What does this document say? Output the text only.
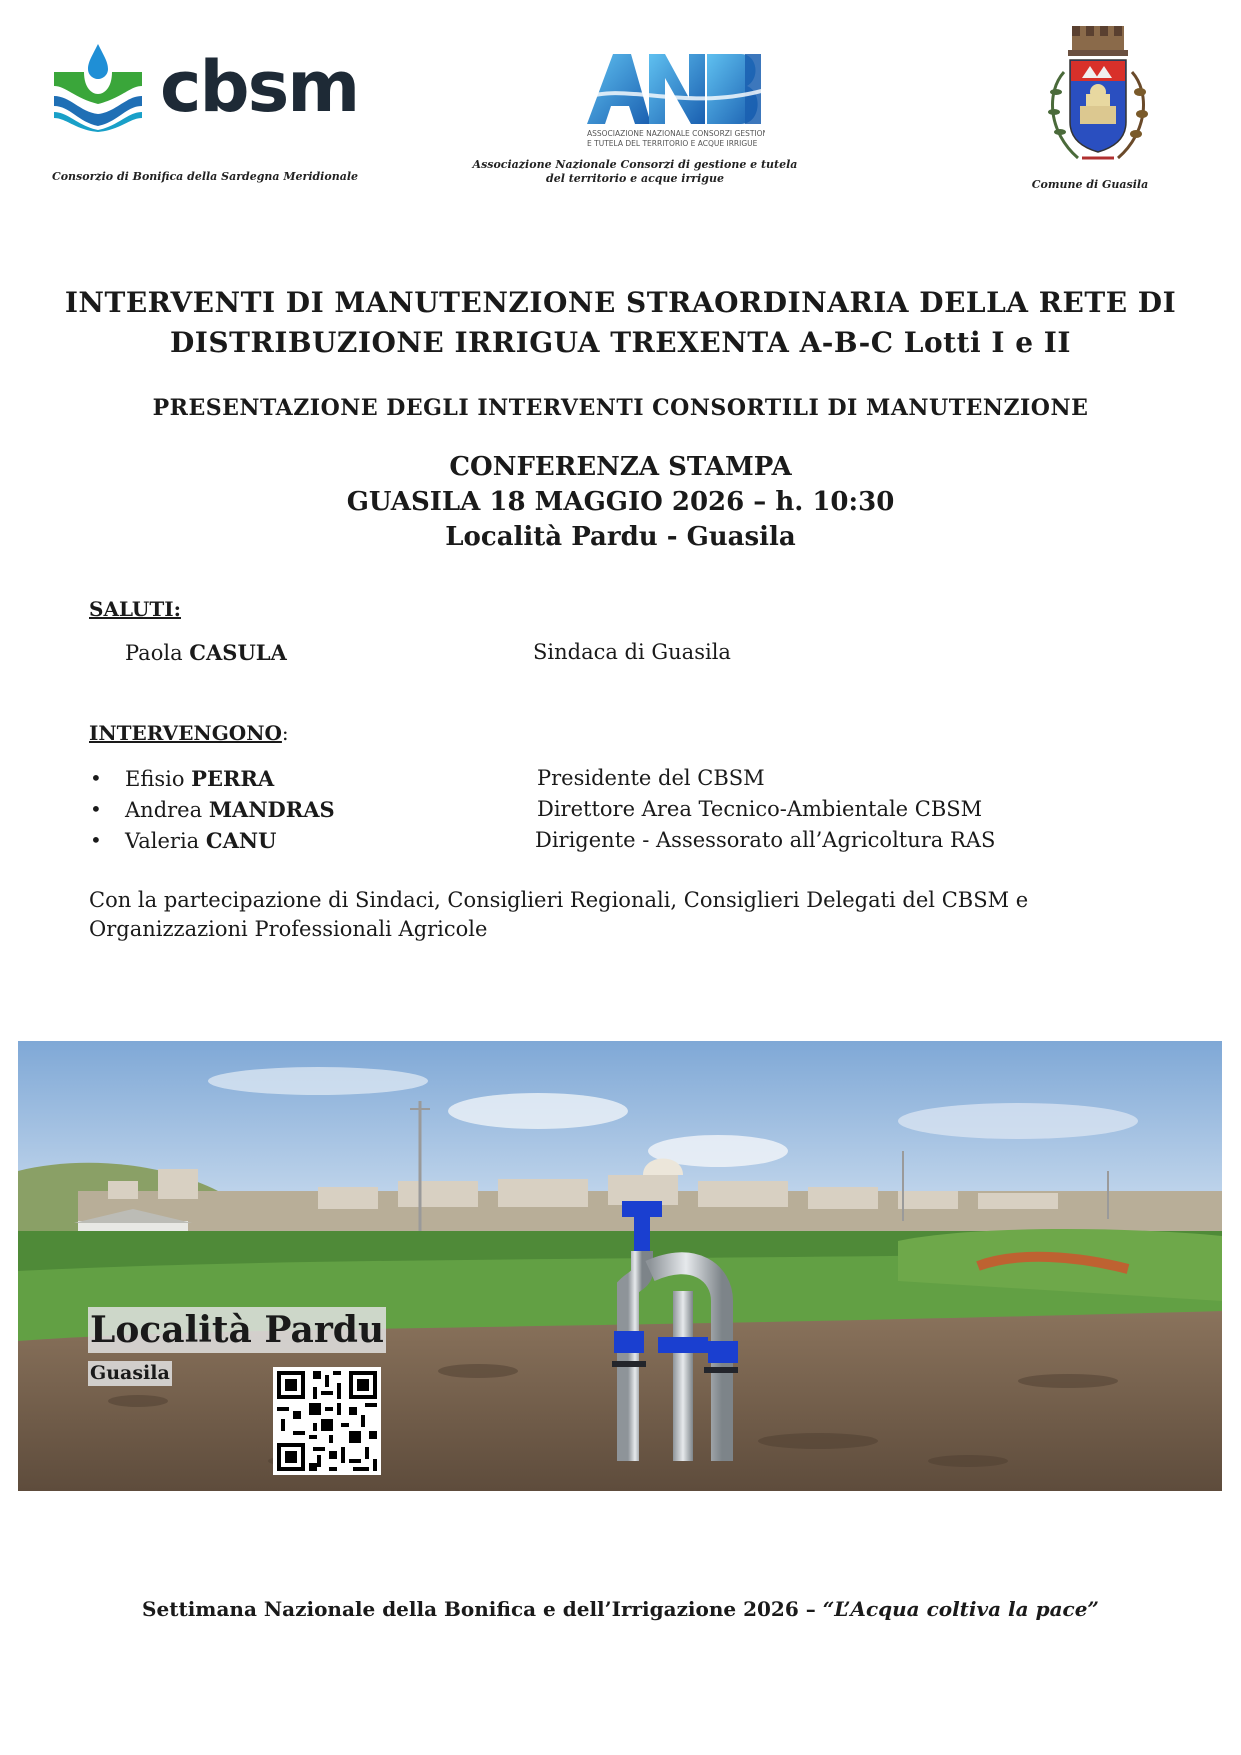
cbsm
Consorzio di Bonifica della Sardegna Meridionale
ASSOCIAZIONE NAZIONALE CONSORZI GESTIONE
E TUTELA DEL TERRITORIO E ACQUE IRRIGUE
Associazione Nazionale Consorzi di gestione e tutela
del territorio e acque irrigue	Comune di Guasila
INTERVENTI DI MANUTENZIONE STRAORDINARIA DELLA RETE DI
DISTRIBUZIONE IRRIGUA TREXENTA A-B-C Lotti I e II
PRESENTAZIONE DEGLI INTERVENTI CONSORTILI DI MANUTENZIONE
CONFERENZA STAMPA
GUASILA 18 MAGGIO 2026 – h. 10:30
Località Pardu - Guasila
SALUTI:
Paola CASULA	Sindaca di Guasila
INTERVENGONO:
• Efisio PERRA	Presidente del CBSM
• Andrea MANDRAS	Direttore Area Tecnico-Ambientale CBSM
• Valeria CANU	Dirigente - Assessorato all’Agricoltura RAS
Con la partecipazione di Sindaci, Consiglieri Regionali, Consiglieri Delegati del CBSM e
Organizzazioni Professionali Agricole
Località Pardu
Guasila
Settimana Nazionale della Bonifica e dell’Irrigazione 2026 – “L’Acqua coltiva la pace”
